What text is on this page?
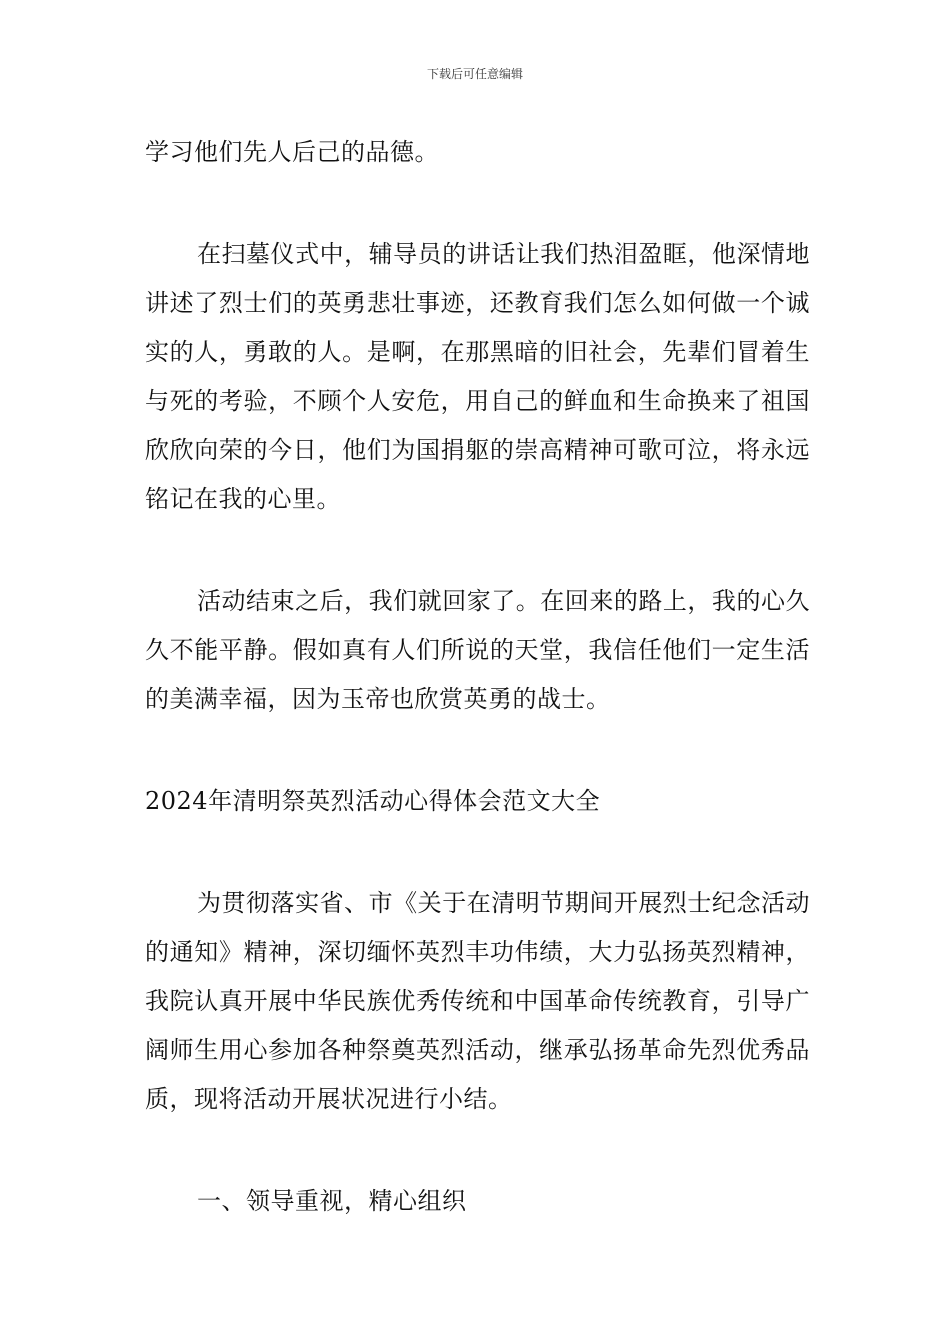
下载后可任意编辑

学习他们先人后己的品德。

在扫墓仪式中，辅导员的讲话让我们热泪盈眶，他深情地讲述了烈士们的英勇悲壮事迹，还教育我们怎么如何做一个诚实的人，勇敢的人。是啊，在那黑暗的旧社会，先辈们冒着生与死的考验，不顾个人安危，用自己的鲜血和生命换来了祖国欣欣向荣的今日，他们为国捐躯的崇高精神可歌可泣，将永远铭记在我的心里。

活动结束之后，我们就回家了。在回来的路上，我的心久久不能平静。假如真有人们所说的天堂，我信任他们一定生活的美满幸福，因为玉帝也欣赏英勇的战士。

2024年清明祭英烈活动心得体会范文大全

为贯彻落实省、市《关于在清明节期间开展烈士纪念活动的通知》精神，深切缅怀英烈丰功伟绩，大力弘扬英烈精神，我院认真开展中华民族优秀传统和中国革命传统教育，引导广阔师生用心参加各种祭奠英烈活动，继承弘扬革命先烈优秀品质，现将活动开展状况进行小结。

一、领导重视，精心组织
